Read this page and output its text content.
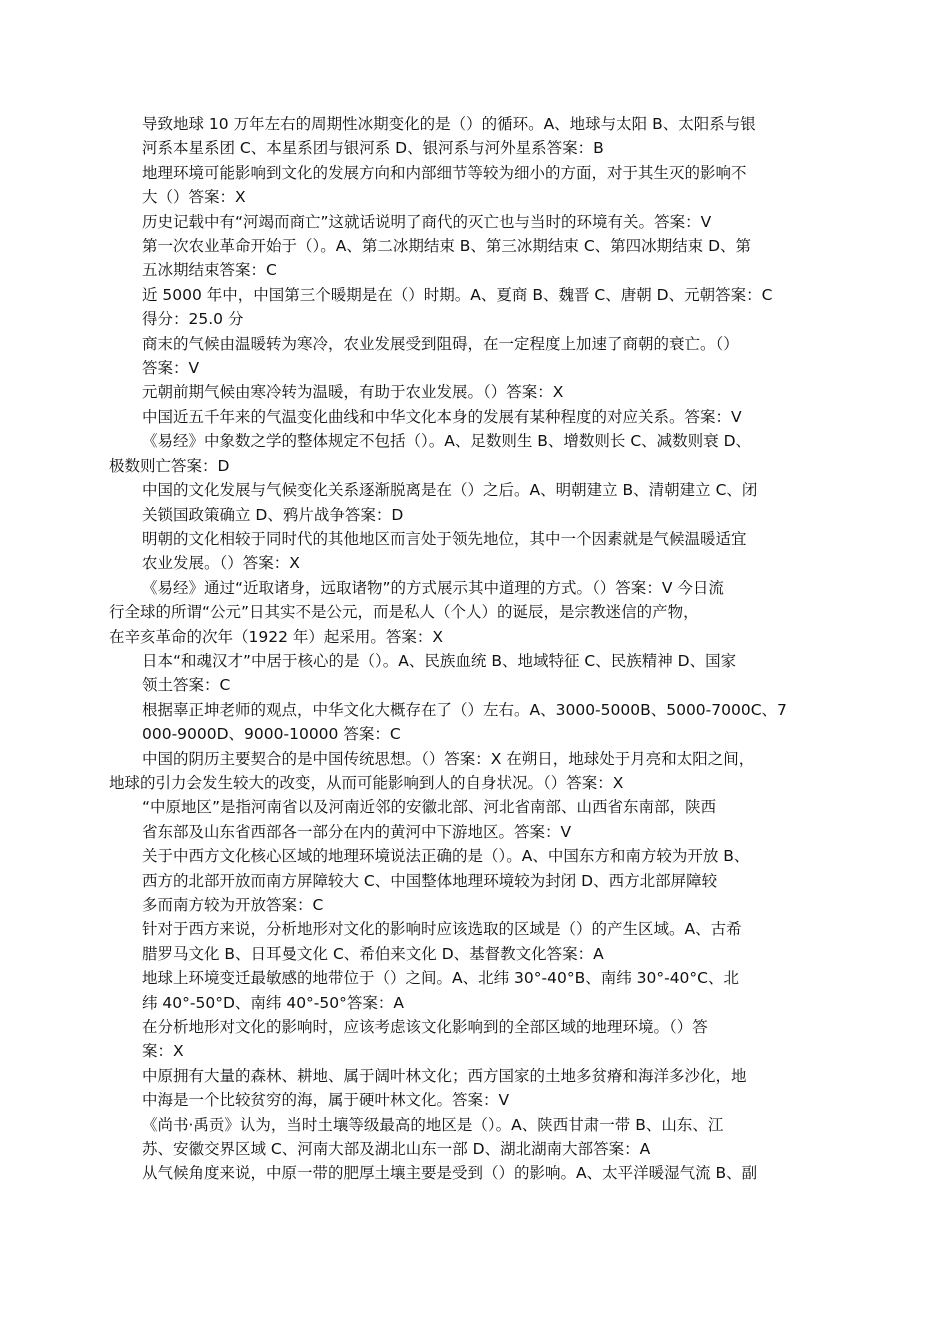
导致地球 10 万年左右的周期性冰期变化的是（）的循环。A、地球与太阳 B、太阳系与银
河系本星系团 C、本星系团与银河系 D、银河系与河外星系答案：B
地理环境可能影响到文化的发展方向和内部细节等较为细小的方面，对于其生灭的影响不
大（）答案：X
历史记载中有“河竭而商亡”这就话说明了商代的灭亡也与当时的环境有关。答案：V
第一次农业革命开始于（）。A、第二冰期结束 B、第三冰期结束 C、第四冰期结束 D、第
五冰期结束答案：C
近 5000 年中，中国第三个暖期是在（）时期。A、夏商 B、魏晋 C、唐朝 D、元朝答案：C
得分：25.0 分
商末的气候由温暖转为寒冷，农业发展受到阻碍，在一定程度上加速了商朝的衰亡。（）
答案：V
元朝前期气候由寒冷转为温暖，有助于农业发展。（）答案：X
中国近五千年来的气温变化曲线和中华文化本身的发展有某种程度的对应关系。答案：V
《易经》中象数之学的整体规定不包括（）。A、足数则生 B、增数则长 C、减数则衰 D、
极数则亡答案：D
中国的文化发展与气候变化关系逐渐脱离是在（）之后。A、明朝建立 B、清朝建立 C、闭
关锁国政策确立 D、鸦片战争答案：D
明朝的文化相较于同时代的其他地区而言处于领先地位，其中一个因素就是气候温暖适宜
农业发展。（）答案：X
《易经》通过“近取诸身，远取诸物”的方式展示其中道理的方式。（）答案：V 今日流
行全球的所谓“公元”日其实不是公元，而是私人（个人）的诞辰，是宗教迷信的产物，
在辛亥革命的次年（1922 年）起采用。答案：X
日本“和魂汉才”中居于核心的是（）。A、民族血统 B、地域特征 C、民族精神 D、国家
领土答案：C
根据辜正坤老师的观点，中华文化大概存在了（）左右。A、3000-5000B、5000-7000C、7
000-9000D、9000-10000 答案：C
中国的阴历主要契合的是中国传统思想。（）答案：X 在朔日，地球处于月亮和太阳之间，
地球的引力会发生较大的改变，从而可能影响到人的自身状况。（）答案：X
“中原地区”是指河南省以及河南近邻的安徽北部、河北省南部、山西省东南部，陕西
省东部及山东省西部各一部分在内的黄河中下游地区。答案：V
关于中西方文化核心区域的地理环境说法正确的是（）。A、中国东方和南方较为开放 B、
西方的北部开放而南方屏障较大 C、中国整体地理环境较为封闭 D、西方北部屏障较
多而南方较为开放答案：C
针对于西方来说，分析地形对文化的影响时应该选取的区域是（）的产生区域。A、古希
腊罗马文化 B、日耳曼文化 C、希伯来文化 D、基督教文化答案：A
地球上环境变迁最敏感的地带位于（）之间。A、北纬 30°-40°B、南纬 30°-40°C、北
纬 40°-50°D、南纬 40°-50°答案：A
在分析地形对文化的影响时，应该考虑该文化影响到的全部区域的地理环境。（）答
案：X
中原拥有大量的森林、耕地、属于阔叶林文化；西方国家的土地多贫瘠和海洋多沙化，地
中海是一个比较贫穷的海，属于硬叶林文化。答案：V
《尚书·禹贡》认为，当时土壤等级最高的地区是（）。A、陕西甘肃一带 B、山东、江
苏、安徽交界区域 C、河南大部及湖北山东一部 D、湖北湖南大部答案：A
从气候角度来说，中原一带的肥厚土壤主要是受到（）的影响。A、太平洋暖湿气流 B、副
